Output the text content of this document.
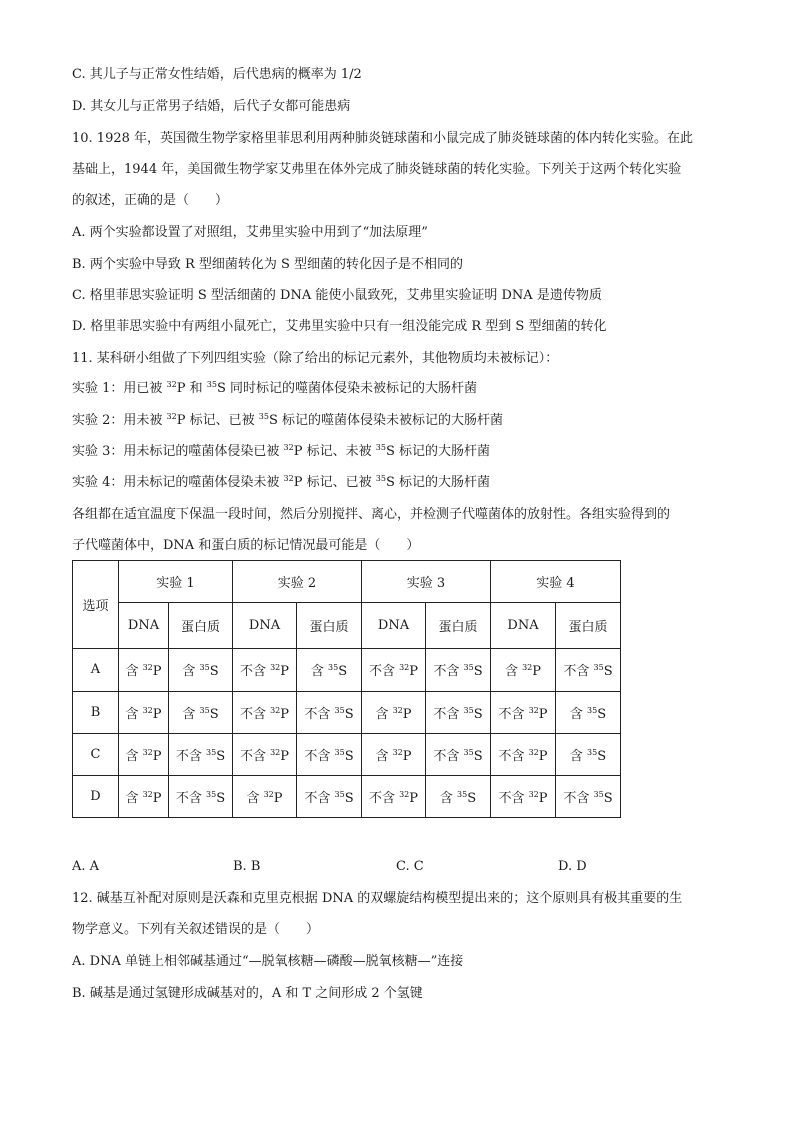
C. 其儿子与正常女性结婚，后代患病的概率为 1/2
D. 其女儿与正常男子结婚，后代子女都可能患病
10. 1928 年，英国微生物学家格里菲思利用两种肺炎链球菌和小鼠完成了肺炎链球菌的体内转化实验。在此
基础上，1944 年，美国微生物学家艾弗里在体外完成了肺炎链球菌的转化实验。下列关于这两个转化实验
的叙述，正确的是（　　）
A. 两个实验都设置了对照组，艾弗里实验中用到了“加法原理”
B. 两个实验中导致 R 型细菌转化为 S 型细菌的转化因子是不相同的
C. 格里菲思实验证明 S 型活细菌的 DNA 能使小鼠致死，艾弗里实验证明 DNA 是遗传物质
D. 格里菲思实验中有两组小鼠死亡，艾弗里实验中只有一组没能完成 R 型到 S 型细菌的转化
11. 某科研小组做了下列四组实验（除了给出的标记元素外，其他物质均未被标记）：
实验 1：用已被 $^{32}$P 和 $^{35}$S 同时标记的噬菌体侵染未被标记的大肠杆菌
实验 2：用未被 $^{32}$P 标记、已被 $^{35}$S 标记的噬菌体侵染未被标记的大肠杆菌
实验 3：用未标记的噬菌体侵染已被 $^{32}$P 标记、未被 $^{35}$S 标记的大肠杆菌
实验 4：用未标记的噬菌体侵染未被 $^{32}$P 标记、已被 $^{35}$S 标记的大肠杆菌
各组都在适宜温度下保温一段时间，然后分别搅拌、离心，并检测子代噬菌体的放射性。各组实验得到的
子代噬菌体中，DNA 和蛋白质的标记情况最可能是（　　）
选项	实验 1		实验 2		实验 3		实验 4	
	DNA	蛋白质	DNA	蛋白质	DNA	蛋白质	DNA	蛋白质
A	含 $^{32}$P	含 $^{35}$S	不含 $^{32}$P	含 $^{35}$S	不含 $^{32}$P	不含 $^{35}$S	含 $^{32}$P	不含 $^{35}$S
B	含 $^{32}$P	含 $^{35}$S	不含 $^{32}$P	不含 $^{35}$S	含 $^{32}$P	不含 $^{35}$S	不含 $^{32}$P	含 $^{35}$S
C	含 $^{32}$P	不含 $^{35}$S	不含 $^{32}$P	不含 $^{35}$S	含 $^{32}$P	不含 $^{35}$S	不含 $^{32}$P	含 $^{35}$S
D	含 $^{32}$P	不含 $^{35}$S	含 $^{32}$P	不含 $^{35}$S	不含 $^{32}$P	含 $^{35}$S	不含 $^{32}$P	不含 $^{35}$S
A. A	B. B	C. C	D. D
12. 碱基互补配对原则是沃森和克里克根据 DNA 的双螺旋结构模型提出来的；这个原则具有极其重要的生
物学意义。下列有关叙述错误的是（　　）
A. DNA 单链上相邻碱基通过“—脱氧核糖—磷酸—脱氧核糖—”连接
B. 碱基是通过氢键形成碱基对的，A 和 T 之间形成 2 个氢键
